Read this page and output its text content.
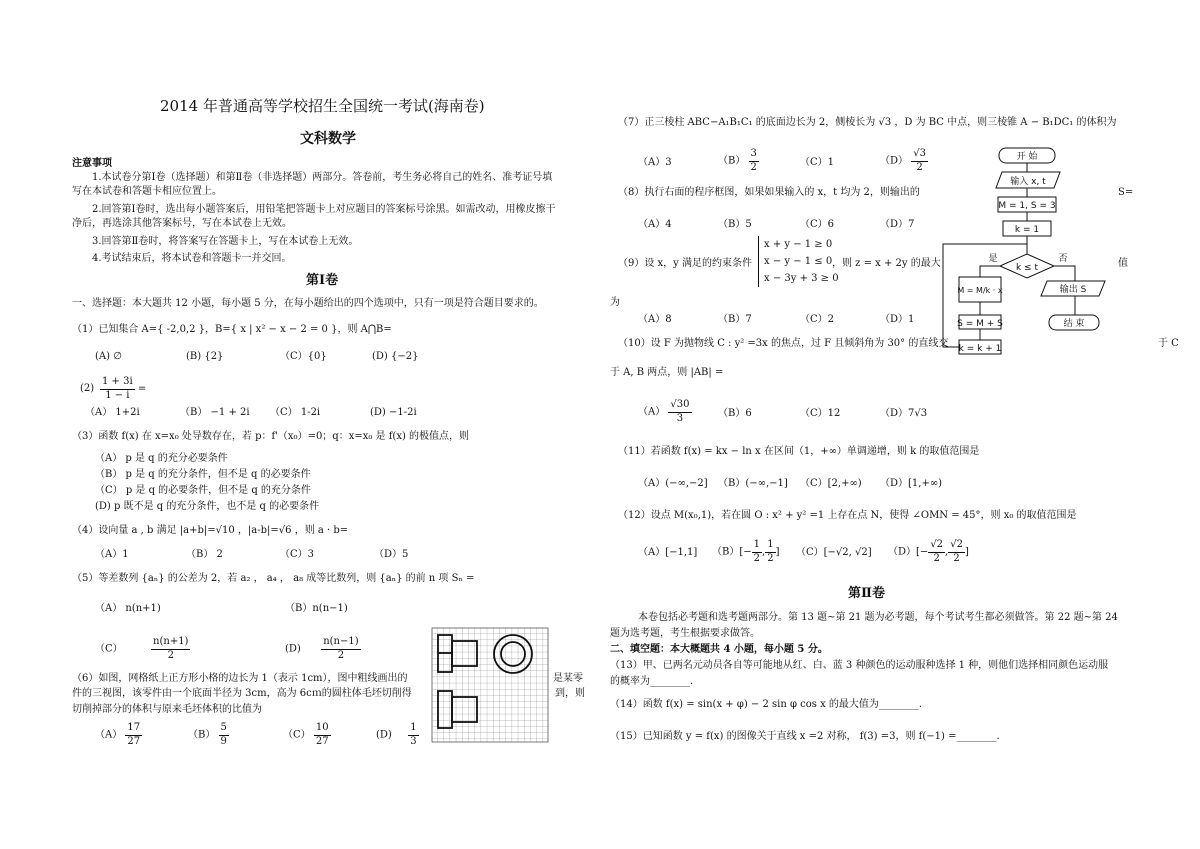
2014 年普通高等学校招生全国统一考试(海南卷)
文科数学
注意事项
1.本试卷分第Ⅰ卷（选择题）和第Ⅱ卷（非选择题）两部分。答卷前，考生务必将自己的姓名、准考证号填
写在本试卷和答题卡相应位置上。
2.回答第Ⅰ卷时，选出每小题答案后，用铅笔把答题卡上对应题目的答案标号涂黑。如需改动，用橡皮擦干
净后，再选涂其他答案标号，写在本试卷上无效。
3.回答第Ⅱ卷时，将答案写在答题卡上，写在本试卷上无效。
4.考试结束后，将本试卷和答题卡一并交回。
第Ⅰ卷
一、选择题：本大题共 12 小题，每小题 5 分，在每小题给出的四个选项中，只有一项是符合题目要求的。
（1）已知集合 A={ -2,0,2 }，B={ x | x² − x − 2 = 0 }，则 A⋂B=
(A) ∅	(B) {2}	（C）{0}	(D) {−2}
$(2) \frac{1 + 3i}{1 - i}$ =
（A） 1+2i	（B） −1 + 2i （C） 1-2i	(D) −1-2i
（3）函数 f(x) 在 x=x₀ 处导数存在，若 p：f'（x₀）=0；q：x=x₀ 是 f(x) 的极值点，则
（A） p 是 q 的充分必要条件
（B） p 是 q 的充分条件，但不是 q 的必要条件
（C） p 是 q 的必要条件，但不是 q 的充分条件
(D) p 既不是 q 的充分条件，也不是 q 的必要条件
（4）设向量 a , b 满足 |a+b|=√10 ，|a-b|=√6 ，则 a · b=
（A）1	（B） 2	（C）3	（D）5
（5）等差数列 {aₙ} 的公差为 2，若 a₂ ， a₄ ， a₈ 成等比数列，则 {aₙ} 的前 n 项 Sₙ =
（A） n(n+1)	（B）n(n−1)
（C）	$\frac{n(n+1)}{2}$	$(D) \frac{n(n-1)}{2}$
（6）如图，网格纸上正方形小格的边长为 1（表示 1cm），图中粗线画出的
件的三视图，该零件由一个底面半径为 3cm，高为 6cｍ的圆柱体毛坯切削得
切削掉部分的体积与原来毛坯体积的比值为
$(A) \frac{17}{27}$	$(B) \frac{5}{9}$	$(C) \frac{10}{27}$	$(D) \frac{1}{3}$
是某零
到，则
（7）正三棱柱 ABC−A₁B₁C₁ 的底面边长为 2，侧棱长为 √3 ，D 为 BC 中点，则三棱锥 A − B₁DC₁ 的体积为
（A）3	$(B) \frac{3}{2}$	（C）1	$(D) \frac{√3}{2}$
（8）执行右面的程序框图，如果如果输入的 x，t 均为 2，则输出的	S=
（A）4	（B）5	（C）6	（D）7
（9）设 x，y 满足的约束条件
x + y − 1 ≥ 0
x − y − 1 ≤ 0
x − 3y + 3 ≥ 0
，则 z = x + 2y 的最大	值
为
（A）8	（B）7	（C）2	（D）1
（10）设 F 为抛物线 C : y² =3x 的焦点，过 F 且倾斜角为 30° 的直线交	于 C
于 A, B 两点，则 |AB| =
$(A) \frac{√30}{3}$	（B）6	（C）12	（D）7√3
（11）若函数 f(x) = kx − ln x 在区间（1，+∞）单调递增，则 k 的取值范围是
（A）(−∞,−2] （B）(−∞,−1] （C）[2,+∞) （D）[1,+∞)
（12）设点 M(x₀,1)，若在圆 O : x² + y² =1 上存在点 N，使得 ∠OMN = 45°，则 x₀ 的取值范围是
（A）[−1,1] $(B)[- \frac{1}{2}$ , $\frac{1}{2}$ ] （C）[−√2, √2] $(D)[- \frac{√2}{2}$ , $\frac{√2}{2}$ ]
第Ⅱ卷
本卷包括必考题和选考题两部分。第 13 题~第 21 题为必考题，每个考试考生都必须做答。第 22 题~第 24
题为选考题，考生根据要求做答。
二、填空题：本大概题共 4 小题，每小题 5 分。
（13）甲、已两名元动员各自等可能地从红、白、蓝 3 种颜色的运动服种选择 1 种，则他们选择相同颜色运动服
的概率为________.
（14）函数 f(x) = sin(x + φ) − 2 sin φ cos x 的最大值为________.
（15）已知函数 y = f(x) 的图像关于直线 x =2 对称， f(3) =3，则 f(−1) =________.
开 始
输入 x, t
M = 1, S = 3
k = 1
k ≤ t
是	否
M = M/k · x
S = M + S
k = k + 1
输出 S
结 束
